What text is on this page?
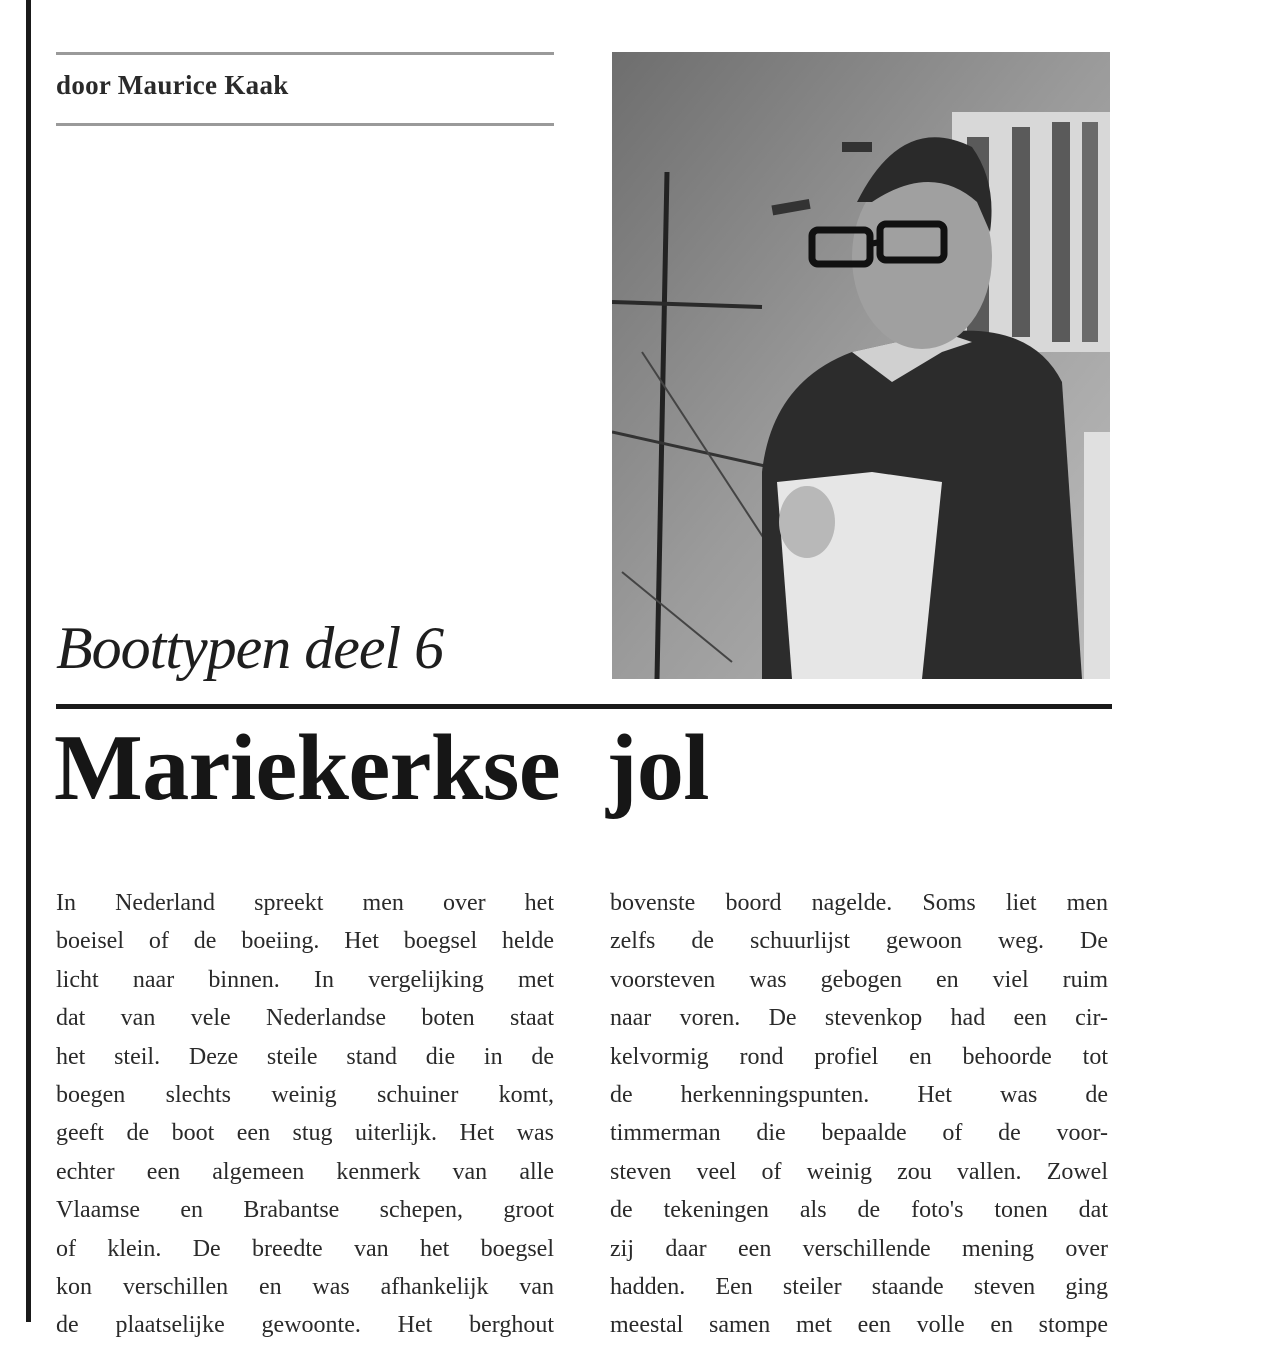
door Maurice Kaak
Boottypen deel 6
Mariekerkse  jol
In Nederland spreekt men over het
boeisel of de boeiing. Het boegsel helde
licht naar binnen. In vergelijking met
dat van vele Nederlandse boten staat
het steil. Deze steile stand die in de
boegen slechts weinig schuiner komt,
geeft de boot een stug uiterlijk. Het was
echter een algemeen kenmerk van alle
Vlaamse en Brabantse schepen, groot
of klein. De breedte van het boegsel
kon verschillen en was afhankelijk van
de plaatselijke gewoonte. Het berghout
bovenste boord nagelde. Soms liet men
zelfs de schuurlijst gewoon weg. De
voorsteven was gebogen en viel ruim
naar voren. De stevenkop had een cir-
kelvormig rond profiel en behoorde tot
de herkenningspunten. Het was de
timmerman die bepaalde of de voor-
steven veel of weinig zou vallen. Zowel
de tekeningen als de foto's tonen dat
zij daar een verschillende mening over
hadden. Een steiler staande steven ging
meestal samen met een volle en stompe
